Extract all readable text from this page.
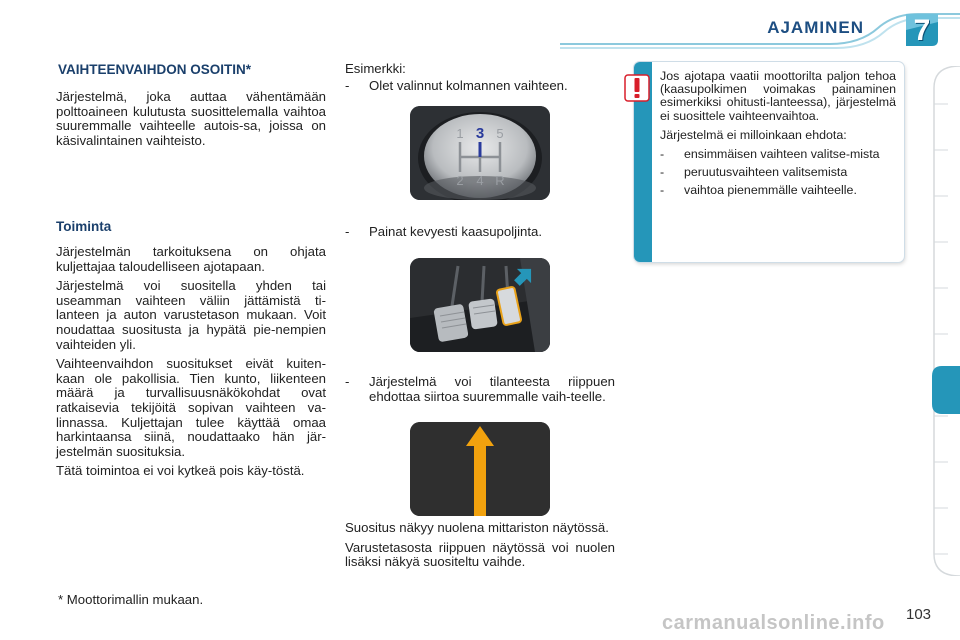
AJAMINEN	7
VAIHTEENVAIHDON OSOITIN*

Järjestelmä, joka auttaa vähentämään polttoaineen kulutusta suosittelemalla vaihtoa suuremmalle vaihteelle autois-sa, joissa on käsivalintainen vaihteisto.

Toiminta

Järjestelmän tarkoituksena on ohjata kuljettajaa taloudelliseen ajotapaan.

Järjestelmä voi suositella yhden tai useamman vaihteen väliin jättämistä ti-lanteen ja auton varustetason mukaan. Voit noudattaa suositusta ja hypätä pie-nempien vaihteiden yli.

Vaihteenvaihdon suositukset eivät kuiten-kaan ole pakollisia. Tien kunto, liikenteen määrä ja turvallisuusnäkökohdat ovat ratkaisevia tekijöitä sopivan vaihteen va-linnassa. Kuljettajan tulee käyttää omaa harkintaansa siinä, noudattaako hän jär-jestelmän suosituksia.

Tätä toimintoa ei voi kytkeä pois käy-töstä.

* Moottorimallin mukaan.

Esimerkki:

-	Olet valinnut kolmannen vaihteen.
1 3 5
2 4 R
-	Painat kevyesti kaasupoljinta.
-	Järjestelmä voi tilanteesta riippuen ehdottaa siirtoa suuremmalle vaih-teelle.

Suositus näkyy nuolena mittariston näytössä.

Varustetasosta riippuen näytössä voi nuolen lisäksi näkyä suositeltu vaihde.

Jos ajotapa vaatii moottorilta paljon tehoa (kaasupolkimen voimakas painaminen esimerkiksi ohitusti-lanteessa), järjestelmä ei suosittele vaihteenvaihtoa.

Järjestelmä ei milloinkaan ehdota:

-	ensimmäisen vaihteen valitse-mista
-	peruutusvaihteen valitsemista
-	vaihtoa pienemmälle vaihteelle.
103
carmanualsonline.info
